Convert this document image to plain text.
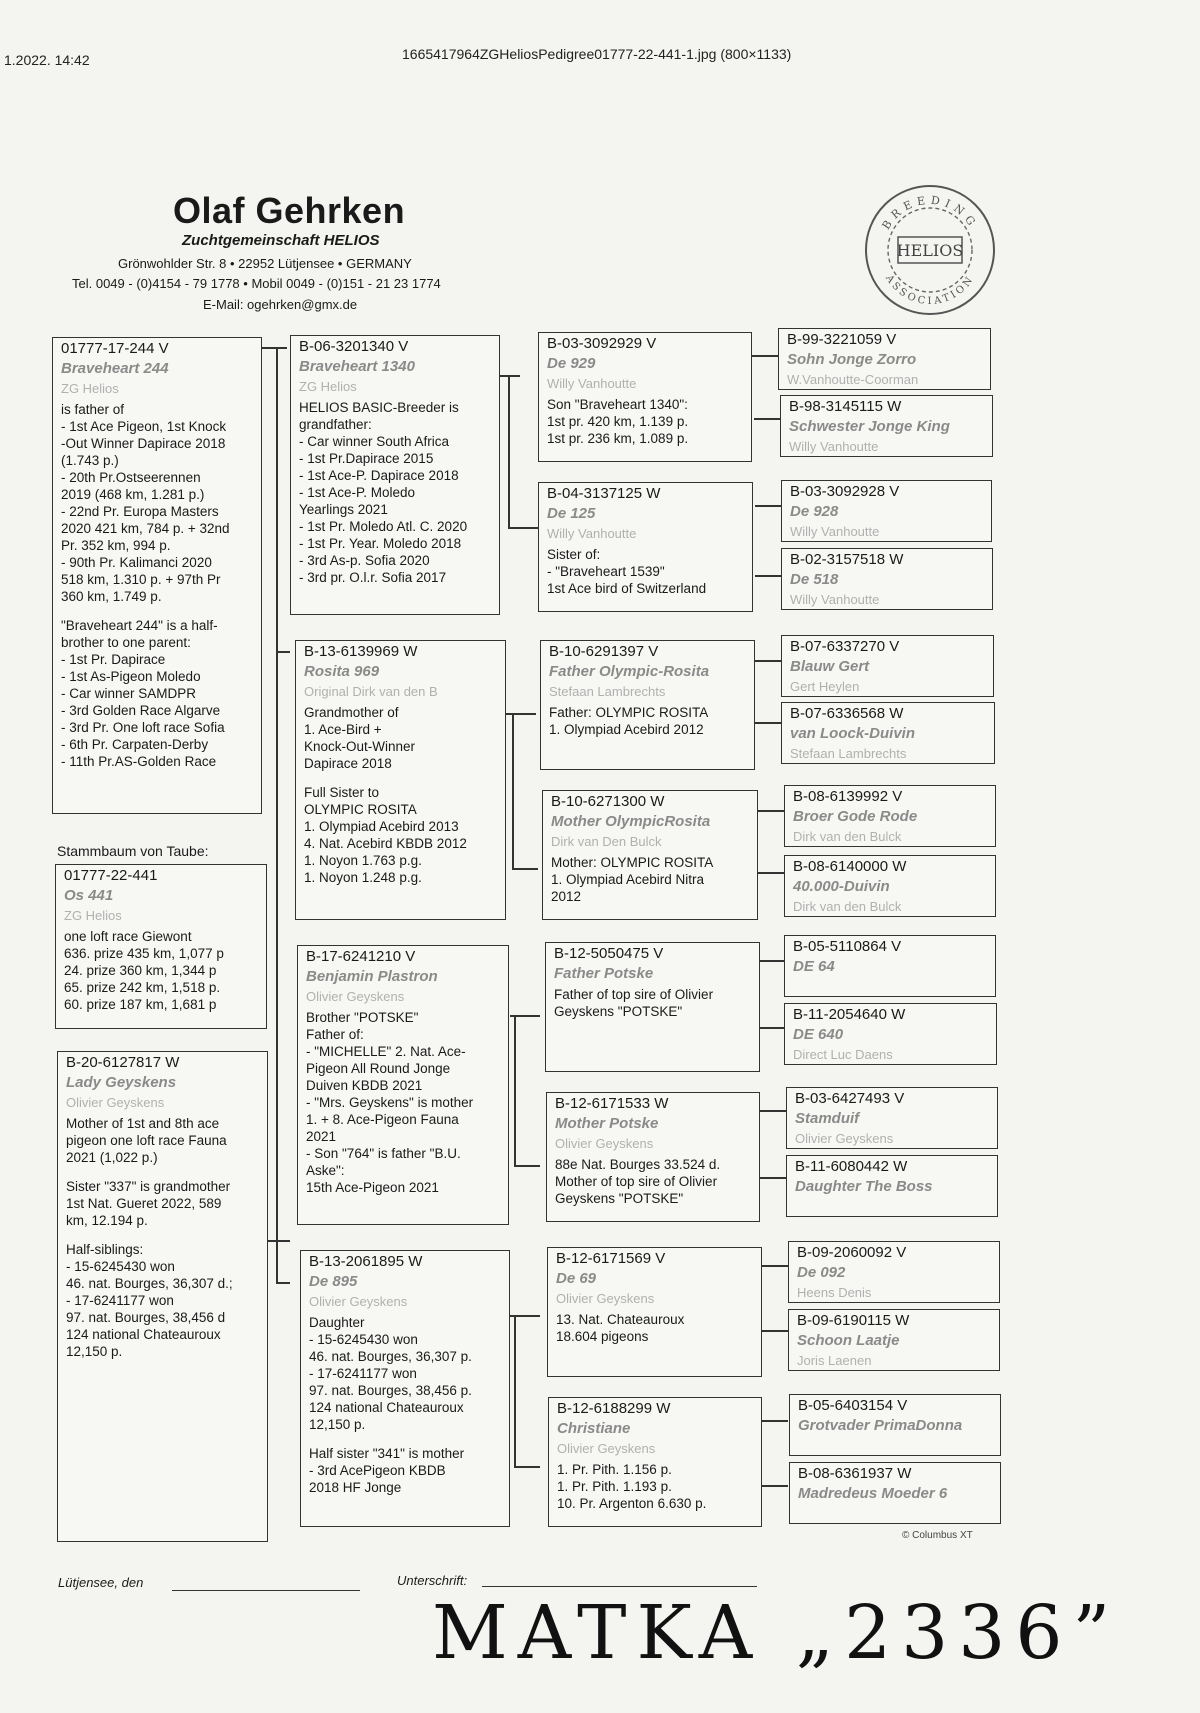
1.2022. 14:42	1665417964ZGHeliosPedigree01777-22-441-1.jpg (800×1133)
Olaf Gehrken
Zuchtgemeinschaft HELIOS
Grönwohlder Str. 8 • 22952 Lütjensee • GERMANY
Tel. 0049 - (0)4154 - 79 1778 • Mobil 0049 - (0)151 - 21 23 1774
E-Mail: ogehrken@gmx.de
HELIOS
BREEDING
ASSOCIATION
01777-17-244 V
Braveheart 244
ZG Helios
is father of
- 1st Ace Pigeon, 1st Knock
-Out Winner Dapirace 2018
(1.743 p.)
- 20th Pr.Ostseerennen
2019 (468 km, 1.281 p.)
- 22nd Pr. Europa Masters
2020 421 km, 784 p. + 32nd
Pr. 352 km, 994 p.
- 90th Pr. Kalimanci 2020
518 km, 1.310 p. + 97th Pr
360 km, 1.749 p.
"Braveheart 244" is a half-
brother to one parent:
- 1st Pr. Dapirace
- 1st As-Pigeon Moledo
- Car winner SAMDPR
- 3rd Golden Race Algarve
- 3rd Pr. One loft race Sofia
- 6th Pr. Carpaten-Derby
- 11th Pr.AS-Golden Race
Stammbaum von Taube:
01777-22-441
Os 441
ZG Helios
one loft race Giewont
636. prize 435 km, 1,077 p
24. prize 360 km, 1,344 p
65. prize 242 km, 1,518 p.
60. prize 187 km, 1,681 p
B-20-6127817 W
Lady Geyskens
Olivier Geyskens
Mother of 1st and 8th ace
pigeon one loft race Fauna
2021 (1,022 p.)
Sister "337" is grandmother
1st Nat. Gueret 2022, 589
km, 12.194 p.
Half-siblings:
- 15-6245430 won
46. nat. Bourges, 36,307 d.;
- 17-6241177 won
97. nat. Bourges, 38,456 d
124 national Chateauroux
12,150 p.
B-06-3201340 V
Braveheart 1340
ZG Helios
HELIOS BASIC-Breeder is
grandfather:
- Car winner South Africa
- 1st Pr.Dapirace 2015
- 1st Ace-P. Dapirace 2018
- 1st Ace-P. Moledo
Yearlings 2021
- 1st Pr. Moledo Atl. C. 2020
- 1st Pr. Year. Moledo 2018
- 3rd As-p. Sofia 2020
- 3rd pr. O.l.r. Sofia 2017
B-13-6139969 W
Rosita 969
Original Dirk van den B
Grandmother of
1. Ace-Bird +
Knock-Out-Winner
Dapirace 2018
Full Sister to
OLYMPIC ROSITA
1. Olympiad Acebird 2013
4. Nat. Acebird KBDB 2012
1. Noyon 1.763 p.g.
1. Noyon 1.248 p.g.
B-17-6241210 V
Benjamin Plastron
Olivier Geyskens
Brother "POTSKE"
Father of:
- "MICHELLE" 2. Nat. Ace-
Pigeon All Round Jonge
Duiven KBDB 2021
- "Mrs. Geyskens" is mother
1. + 8. Ace-Pigeon Fauna
2021
- Son "764" is father "B.U.
Aske":
15th Ace-Pigeon 2021
B-13-2061895 W
De 895
Olivier Geyskens
Daughter
- 15-6245430 won
46. nat. Bourges, 36,307 p.
- 17-6241177 won
97. nat. Bourges, 38,456 p.
124 national Chateauroux
12,150 p.
Half sister "341" is mother
- 3rd AcePigeon KBDB
2018 HF Jonge
B-03-3092929 V
De 929
Willy Vanhoutte
Son "Braveheart 1340":
1st pr. 420 km, 1.139 p.
1st pr. 236 km, 1.089 p.
B-04-3137125 W
De 125
Willy Vanhoutte
Sister of:
- "Braveheart 1539"
1st Ace bird of Switzerland
B-10-6291397 V
Father Olympic-Rosita
Stefaan Lambrechts
Father: OLYMPIC ROSITA
1. Olympiad Acebird 2012
B-10-6271300 W
Mother OlympicRosita
Dirk van Den Bulck
Mother: OLYMPIC ROSITA
1. Olympiad Acebird Nitra
2012
B-12-5050475 V
Father Potske
Father of top sire of Olivier
Geyskens "POTSKE"
B-12-6171533 W
Mother Potske
Olivier Geyskens
88e Nat. Bourges 33.524 d.
Mother of top sire of Olivier
Geyskens "POTSKE"
B-12-6171569 V
De 69
Olivier Geyskens
13. Nat. Chateauroux
18.604 pigeons
B-12-6188299 W
Christiane
Olivier Geyskens
1. Pr. Pith. 1.156 p.
1. Pr. Pith. 1.193 p.
10. Pr. Argenton 6.630 p.
B-99-3221059 V
Sohn Jonge Zorro
W.Vanhoutte-Coorman
B-98-3145115 W
Schwester Jonge King
Willy Vanhoutte
B-03-3092928 V
De 928
Willy Vanhoutte
B-02-3157518 W
De 518
Willy Vanhoutte
B-07-6337270 V
Blauw Gert
Gert Heylen
B-07-6336568 W
van Loock-Duivin
Stefaan Lambrechts
B-08-6139992 V
Broer Gode Rode
Dirk van den Bulck
B-08-6140000 W
40.000-Duivin
Dirk van den Bulck
B-05-5110864 V
DE 64
B-11-2054640 W
DE 640
Direct Luc Daens
B-03-6427493 V
Stamduif
Olivier Geyskens
B-11-6080442 W
Daughter The Boss
B-09-2060092 V
De 092
Heens Denis
B-09-6190115 W
Schoon Laatje
Joris Laenen
B-05-6403154 V
Grotvader PrimaDonna
B-08-6361937 W
Madredeus Moeder 6
© Columbus XT
Lütjensee, den	Unterschrift:
MATKA „2336”
